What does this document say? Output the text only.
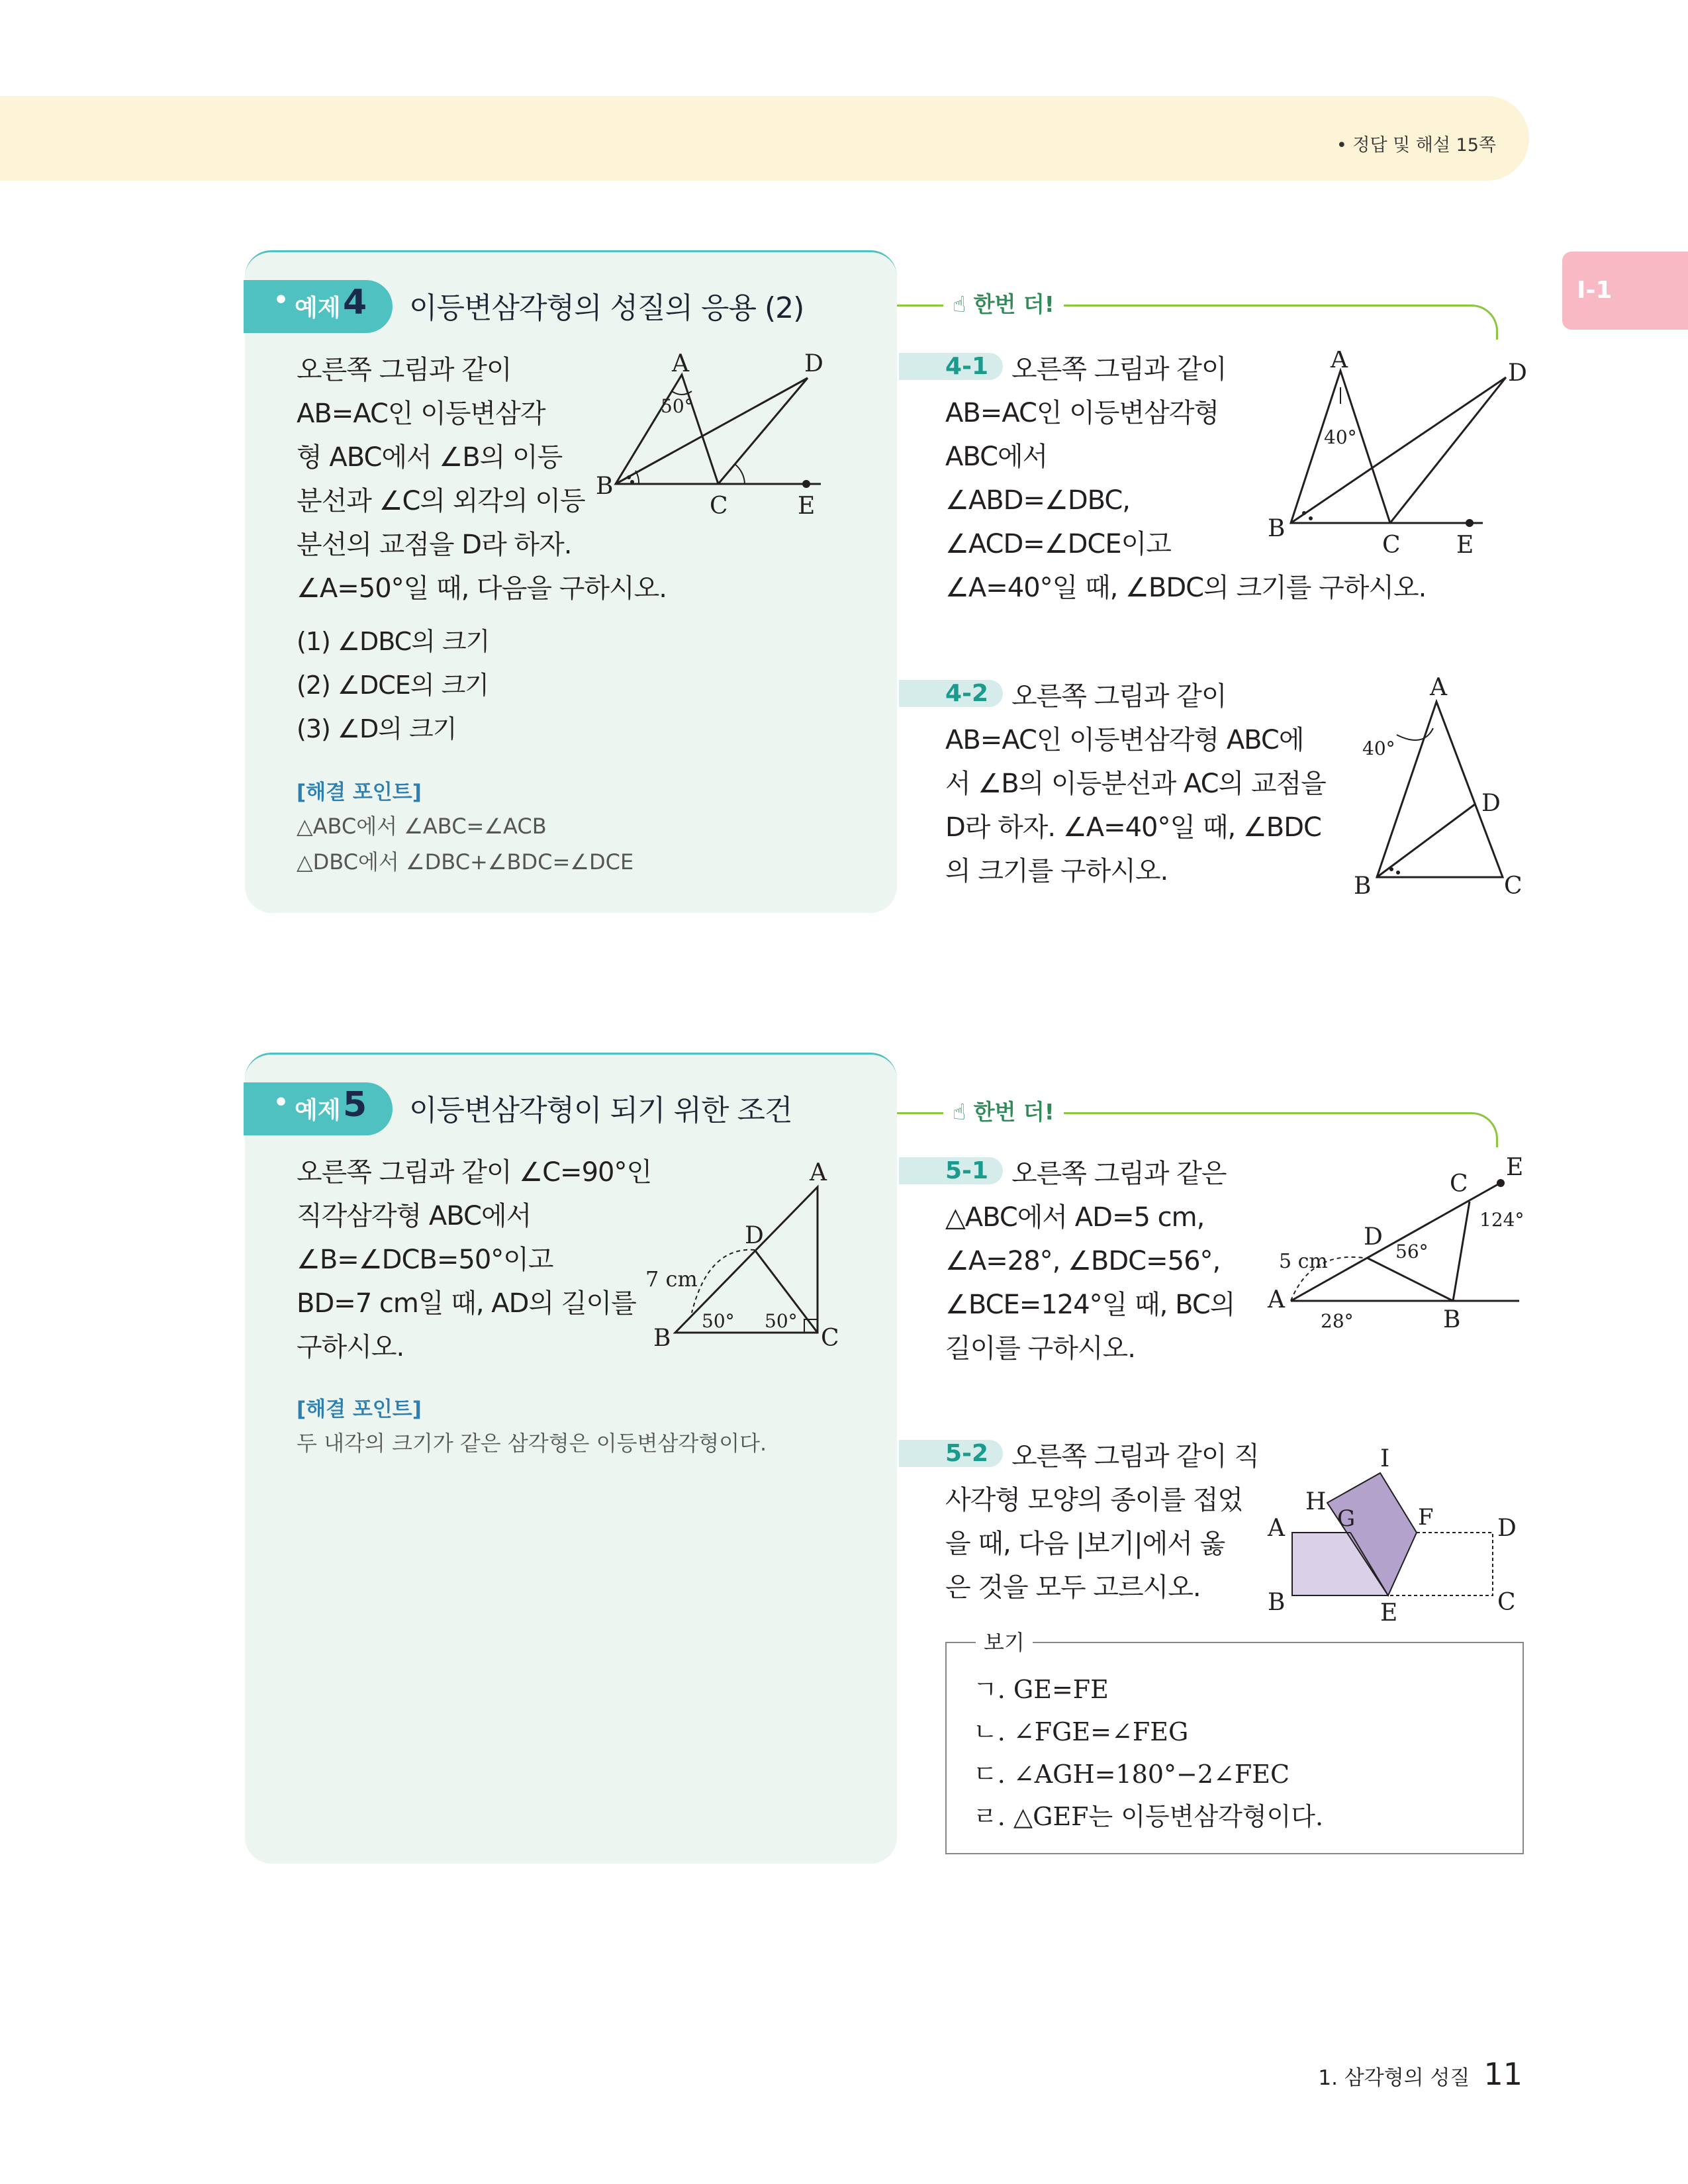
• 정답 및 해설 15쪽
I-1
• 예제 4 이등변삼각형의 성질의 응용 (2)
오른쪽 그림과 같이
AB=AC인 이등변삼각
형 ABC에서 ∠B의 이등
분선과 ∠C의 외각의 이등
분선의 교점을 D라 하자.
∠A=50°일 때, 다음을 구하시오.
(1) ∠DBC의 크기
(2) ∠DCE의 크기
(3) ∠D의 크기
[해결 포인트]
△ABC에서 ∠ABC=∠ACB
△DBC에서 ∠DBC+∠BDC=∠DCE
A
B
C
D
E
50°
☝ 한번 더!
4-1 오른쪽 그림과 같이
AB=AC인 이등변삼각형
ABC에서
∠ABD=∠DBC,
∠ACD=∠DCE이고
∠A=40°일 때, ∠BDC의 크기를 구하시오.
A
B
C
D
E
40°
4-2 오른쪽 그림과 같이
AB=AC인 이등변삼각형 ABC에
서 ∠B의 이등분선과 AC의 교점을
D라 하자. ∠A=40°일 때, ∠BDC
의 크기를 구하시오.
A
B	C
D
40°
• 예제 5 이등변삼각형이 되기 위한 조건
오른쪽 그림과 같이 ∠C=90°인
직각삼각형 ABC에서
∠B=∠DCB=50°이고
BD=7 cm일 때, AD의 길이를
구하시오.
[해결 포인트]
두 내각의 크기가 같은 삼각형은 이등변삼각형이다.
A
B	C
D
7 cm
50° 50°
☝ 한번 더!
5-1 오른쪽 그림과 같은
△ABC에서 AD=5 cm,
∠A=28°, ∠BDC=56°,
∠BCE=124°일 때, BC의
길이를 구하시오.
E
C
D
A
B
5 cm
28°
56°
124°
5-2 오른쪽 그림과 같이 직
사각형 모양의 종이를 접었
을 때, 다음 |보기|에서 옳
은 것을 모두 고르시오.
I
H
G	F
A	D
B	E	C
보기
ㄱ. GE=FE
ㄴ. ∠FGE=∠FEG
ㄷ. ∠AGH=180°−2∠FEC
ㄹ. △GEF는 이등변삼각형이다.
1. 삼각형의 성질 11
